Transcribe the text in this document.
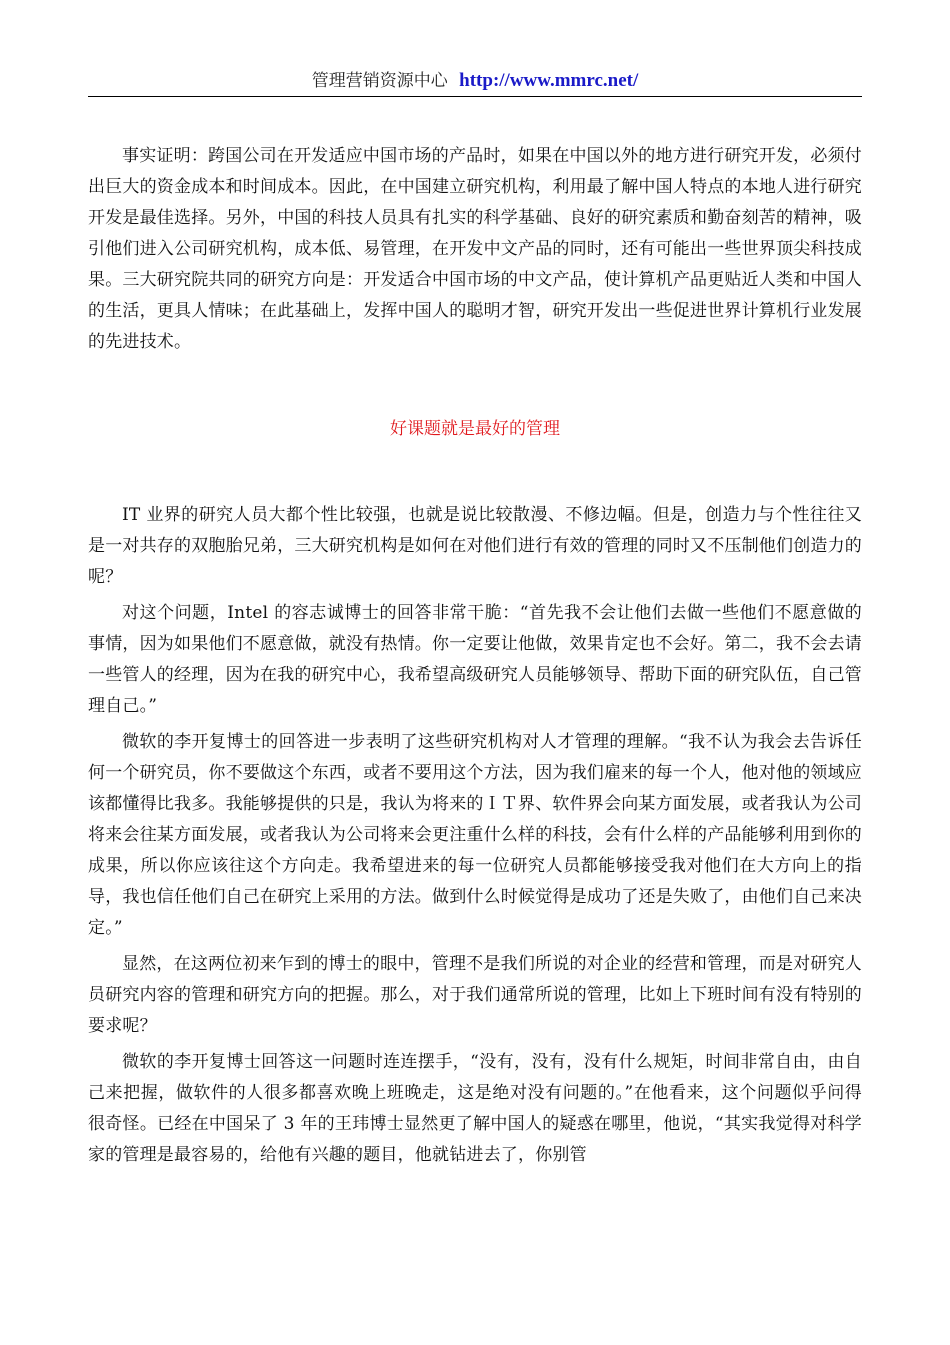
管理营销资源中心 http://www.mmrc.net/

事实证明：跨国公司在开发适应中国市场的产品时，如果在中国以外的地方进行研究开发，必须付出巨大的资金成本和时间成本。因此，在中国建立研究机构，利用最了解中国人特点的本地人进行研究开发是最佳选择。另外，中国的科技人员具有扎实的科学基础、良好的研究素质和勤奋刻苦的精神，吸引他们进入公司研究机构，成本低、易管理，在开发中文产品的同时，还有可能出一些世界顶尖科技成果。三大研究院共同的研究方向是：开发适合中国市场的中文产品，使计算机产品更贴近人类和中国人的生活，更具人情味；在此基础上，发挥中国人的聪明才智，研究开发出一些促进世界计算机行业发展的先进技术。

好课题就是最好的管理

IT 业界的研究人员大都个性比较强，也就是说比较散漫、不修边幅。但是，创造力与个性往往又是一对共存的双胞胎兄弟，三大研究机构是如何在对他们进行有效的管理的同时又不压制他们创造力的呢？

对这个问题，Intel 的容志诚博士的回答非常干脆：“首先我不会让他们去做一些他们不愿意做的事情，因为如果他们不愿意做，就没有热情。你一定要让他做，效果肯定也不会好。第二，我不会去请一些管人的经理，因为在我的研究中心，我希望高级研究人员能够领导、帮助下面的研究队伍，自己管理自己。”

微软的李开复博士的回答进一步表明了这些研究机构对人才管理的理解。“我不认为我会去告诉任何一个研究员，你不要做这个东西，或者不要用这个方法，因为我们雇来的每一个人，他对他的领域应该都懂得比我多。我能够提供的只是，我认为将来的ＩＴ界、软件界会向某方面发展，或者我认为公司将来会往某方面发展，或者我认为公司将来会更注重什么样的科技，会有什么样的产品能够利用到你的成果，所以你应该往这个方向走。我希望进来的每一位研究人员都能够接受我对他们在大方向上的指导，我也信任他们自己在研究上采用的方法。做到什么时候觉得是成功了还是失败了，由他们自己来决定。”

显然，在这两位初来乍到的博士的眼中，管理不是我们所说的对企业的经营和管理，而是对研究人员研究内容的管理和研究方向的把握。那么，对于我们通常所说的管理，比如上下班时间有没有特别的要求呢？

微软的李开复博士回答这一问题时连连摆手，“没有，没有，没有什么规矩，时间非常自由，由自己来把握，做软件的人很多都喜欢晚上班晚走，这是绝对没有问题的。”在他看来，这个问题似乎问得很奇怪。已经在中国呆了 3 年的王玮博士显然更了解中国人的疑惑在哪里，他说，“其实我觉得对科学家的管理是最容易的，给他有兴趣的题目，他就钻进去了，你别管
